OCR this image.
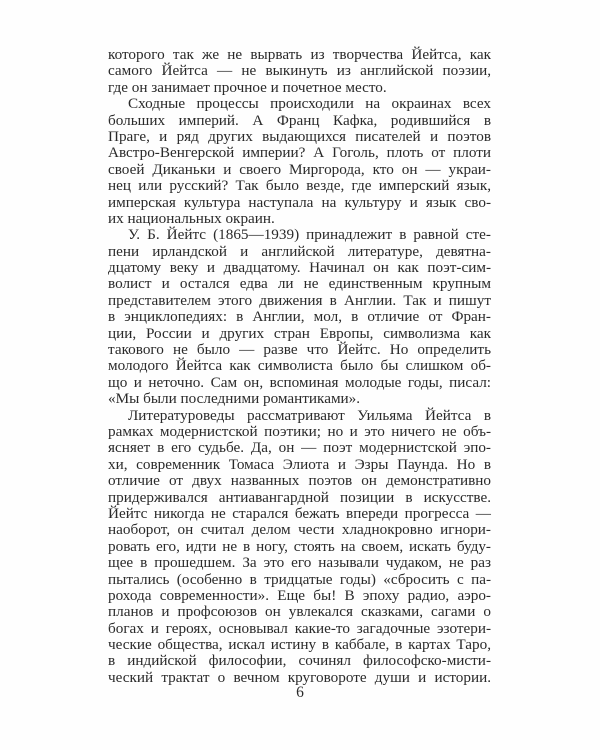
которого так же не вырвать из творчества Йейтса, как
самого Йейтса — не выкинуть из английской поэзии,
где он занимает прочное и почетное место.
Сходные процессы происходили на окраинах всех
больших империй. А Франц Кафка, родившийся в
Праге, и ряд других выдающихся писателей и поэтов
Австро-Венгерской империи? А Гоголь, плоть от плоти
своей Диканьки и своего Миргорода, кто он — украи-
нец или русский? Так было везде, где имперский язык,
имперская культура наступала на культуру и язык сво-
их национальных окраин.
У. Б. Йейтс (1865—1939) принадлежит в равной сте-
пени ирландской и английской литературе, девятна-
дцатому веку и двадцатому. Начинал он как поэт-сим-
волист и остался едва ли не единственным крупным
представителем этого движения в Англии. Так и пишут
в энциклопедиях: в Англии, мол, в отличие от Фран-
ции, России и других стран Европы, символизма как
такового не было — разве что Йейтс. Но определить
молодого Йейтса как символиста было бы слишком об-
що и неточно. Сам он, вспоминая молодые годы, писал:
«Мы были последними романтиками».
Литературоведы рассматривают Уильяма Йейтса в
рамках модернистской поэтики; но и это ничего не объ-
ясняет в его судьбе. Да, он — поэт модернистской эпо-
хи, современник Томаса Элиота и Эзры Паунда. Но в
отличие от двух названных поэтов он демонстративно
придерживался антиавангардной позиции в искусстве.
Йейтс никогда не старался бежать впереди прогресса —
наоборот, он считал делом чести хладнокровно игнори-
ровать его, идти не в ногу, стоять на своем, искать буду-
щее в прошедшем. За это его называли чудаком, не раз
пытались (особенно в тридцатые годы) «сбросить с па-
рохода современности». Еще бы! В эпоху радио, аэро-
планов и профсоюзов он увлекался сказками, сагами о
богах и героях, основывал какие-то загадочные эзотери-
ческие общества, искал истину в каббале, в картах Таро,
в индийской философии, сочинял философско-мисти-
ческий трактат о вечном круговороте души и истории.
6
